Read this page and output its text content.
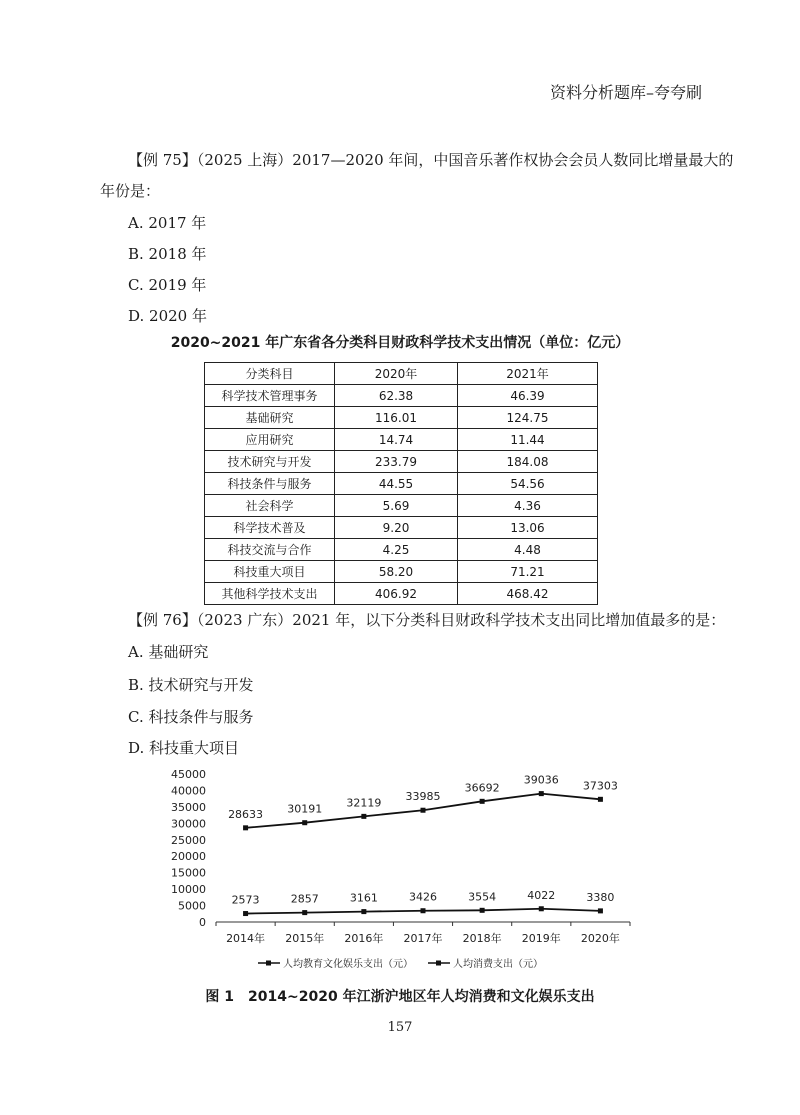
资料分析题库–夸夸刷
【例 75】（2025 上海）2017—2020 年间，中国音乐著作权协会会员人数同比增量最大的
年份是：
A. 2017 年
B. 2018 年
C. 2019 年
D. 2020 年
2020~2021 年广东省各分类科目财政科学技术支出情况（单位：亿元）
分类科目	2020年	2021年
科学技术管理事务	62.38	46.39
基础研究	116.01	124.75
应用研究	14.74	11.44
技术研究与开发	233.79	184.08
科技条件与服务	44.55	54.56
社会科学	5.69	4.36
科学技术普及	9.20	13.06
科技交流与合作	4.25	4.48
科技重大项目	58.20	71.21
其他科学技术支出	406.92	468.42
【例 76】（2023 广东）2021 年，以下分类科目财政科学技术支出同比增加值最多的是：
A. 基础研究
B. 技术研究与开发
C. 科技条件与服务
D. 科技重大项目
0
5000
10000
15000
20000
25000
30000
35000
40000
45000
2014年 2015年 2016年 2017年 2018年 2019年 2020年
2573	2857	3161	3426	3554	4022	3380
28633 30191 32119 33985
36692
39036 37303
人均教育文化娱乐支出（元）	人均消费支出（元）
图 1　2014~2020 年江浙沪地区年人均消费和文化娱乐支出
157
